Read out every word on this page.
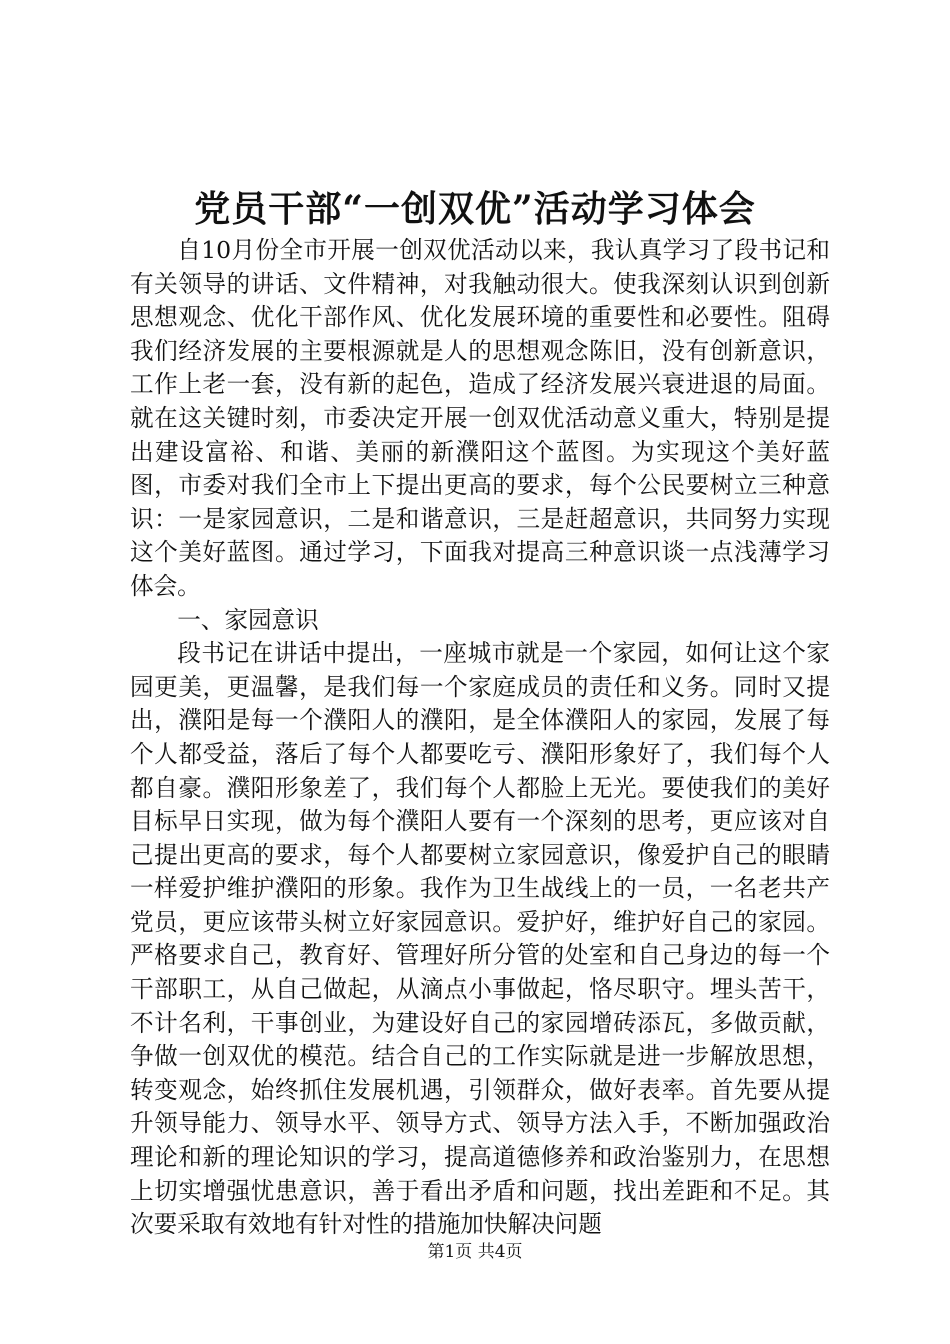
党员干部“一创双优”活动学习体会

自10月份全市开展一创双优活动以来，我认真学习了段书记和有关领导的讲话、文件精神，对我触动很大。使我深刻认识到创新思想观念、优化干部作风、优化发展环境的重要性和必要性。阻碍我们经济发展的主要根源就是人的思想观念陈旧，没有创新意识，工作上老一套，没有新的起色，造成了经济发展兴衰进退的局面。就在这关键时刻，市委决定开展一创双优活动意义重大，特别是提出建设富裕、和谐、美丽的新濮阳这个蓝图。为实现这个美好蓝图，市委对我们全市上下提出更高的要求，每个公民要树立三种意识：一是家园意识，二是和谐意识，三是赶超意识，共同努力实现这个美好蓝图。通过学习，下面我对提高三种意识谈一点浅薄学习体会。

一、家园意识

段书记在讲话中提出，一座城市就是一个家园，如何让这个家园更美，更温馨，是我们每一个家庭成员的责任和义务。同时又提出，濮阳是每一个濮阳人的濮阳，是全体濮阳人的家园，发展了每个人都受益，落后了每个人都要吃亏、濮阳形象好了，我们每个人都自豪。濮阳形象差了，我们每个人都脸上无光。要使我们的美好目标早日实现，做为每个濮阳人要有一个深刻的思考，更应该对自己提出更高的要求，每个人都要树立家园意识，像爱护自己的眼睛一样爱护维护濮阳的形象。我作为卫生战线上的一员，一名老共产党员，更应该带头树立好家园意识。爱护好，维护好自己的家园。严格要求自己，教育好、管理好所分管的处室和自己身边的每一个干部职工，从自己做起，从滴点小事做起，恪尽职守。埋头苦干，不计名利，干事创业，为建设好自己的家园增砖添瓦，多做贡献，争做一创双优的模范。结合自己的工作实际就是进一步解放思想，转变观念，始终抓住发展机遇，引领群众，做好表率。首先要从提升领导能力、领导水平、领导方式、领导方法入手，不断加强政治理论和新的理论知识的学习，提高道德修养和政治鉴别力，在思想上切实增强忧患意识，善于看出矛盾和问题，找出差距和不足。其次要采取有效地有针对性的措施加快解决问题

第1页 共4页
